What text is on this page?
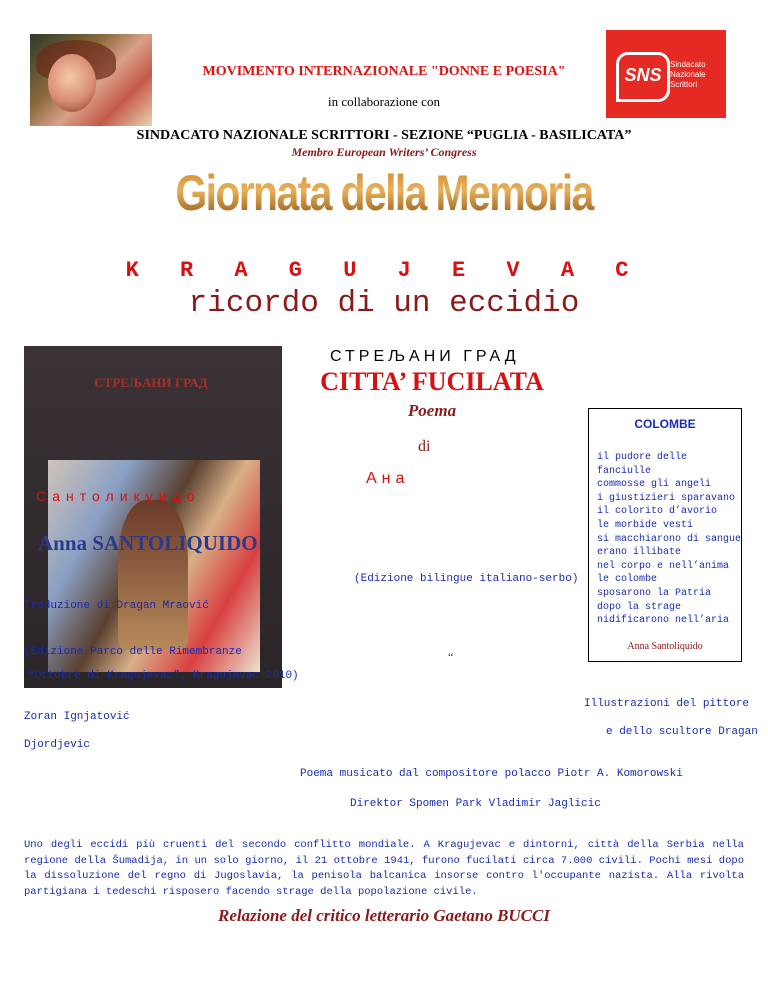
SNS
Sindacato
Nazionale
Scrittori
MOVIMENTO INTERNAZIONALE "DONNE E POESIA"
in collaborazione con
SINDACATO NAZIONALE SCRITTORI - SEZIONE “PUGLIA - BASILICATA”
Membro European Writers’ Congress
Giornata della Memoria
K R A G U J E V A C
ricordo di un eccidio
СТРЕЉАНИ ГРАД
СТРЕЉАНИ ГРАД
CITTA’ FUCILATA
Poema
di
Ана
Сантоликуидо
Anna SANTOLIQUIDO
(Edizione bilingue italiano-serbo)
Traduzione di Dragan Mraović
(Edizione Parco delle Rimembranze	“
“Ottobre di Kragujevac”, Kragujevac 2010)
COLOMBE
il pudore delle
fanciulle
commosse gli angeli
i giustizieri sparavano
il colorito d’avorio
le morbide vesti
si macchiarono di sangue
erano illibate
nel corpo e nell’anima
le colombe
sposarono la Patria
dopo la strage
nidificarono nell’aria
Anna Santoliquido
Illustrazioni del pittore
Zoran Ignjatović
e dello scultore Dragan
Djordjevic
Poema musicato dal compositore polacco Piotr A. Komorowski
Direktor Spomen Park Vladimir Jaglicic
Uno degli eccidi più cruenti del secondo conflitto mondiale. A Kragujevac e dintorni, città della Serbia nella regione della Šumadija, in un solo giorno, il 21 ottobre 1941, furono fucilati circa 7.000 civili. Pochi mesi dopo la dissoluzione del regno di Jugoslavia, la penisola balcanica insorse contro l'occupante nazista. Alla rivolta partigiana i tedeschi risposero facendo strage della popolazione civile.
Relazione del critico letterario Gaetano BUCCI
